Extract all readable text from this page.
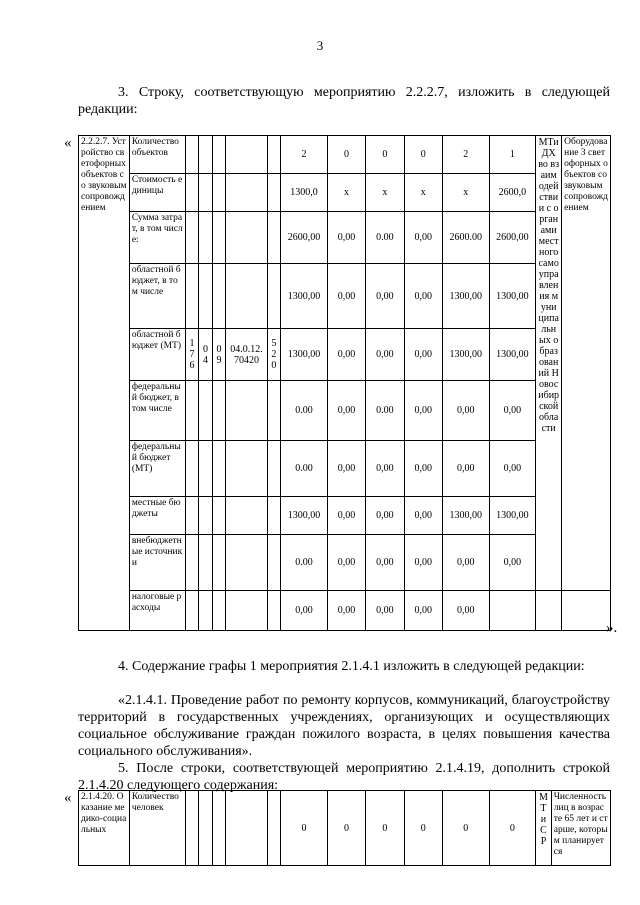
3
3. Строку, соответствующую мероприятию 2.2.2.7, изложить в следующей редакции:
« 2.2.2.7. Устройство светофорных объектов со звуковым сопровождением	Количество объектов						2	0	0	0	2	1	МТиДХ во взаимодействии с органами местного самоуправления муниципальных образований Новосибирской области	Оборудование 3 светофорных объектов со звуковым сопровождением
	Стоимость единицы						1300,0	x	x	x	x	2600,0		
	Сумма затрат, в том числе:						2600,00	0,00	0.00	0,00	2600.00	2600,00		
	областной бюджет, в том числе						1300,00	0,00	0,00	0,00	1300,00	1300,00		
	областной бюджет (МТ)	176	04	09	04.0.12.70420	520	1300,00	0,00	0,00	0,00	1300,00	1300,00		
	федеральный бюджет, в том числе						0.00	0,00	0.00	0,00	0,00	0,00		
	федеральный бюджет (МТ)						0.00	0,00	0,00	0,00	0,00	0,00		
	местные бюджеты						1300,00	0,00	0,00	0,00	1300,00	1300,00		
	внебюджетные источники						0.00	0,00	0,00	0,00	0,00	0,00		
	налоговые расходы						0,00	0,00	0,00	0,00	0,00			
».
4. Содержание графы 1 мероприятия 2.1.4.1 изложить в следующей редакции:
«2.1.4.1. Проведение работ по ремонту корпусов, коммуникаций, благоустройству территорий в государственных учреждениях, организующих и осуществляющих социальное обслуживание граждан пожилого возраста, в целях повышения качества социального обслуживания».
5. После строки, соответствующей мероприятию 2.1.4.19, дополнить строкой 2.1.4.20 следующего содержания:
« 2.1.4.20. Оказание медико-социальных	Количество человек						0	0	0	0	0	0	МТиСР	Численность лиц в возрасте 65 лет и старше, которым планируется
